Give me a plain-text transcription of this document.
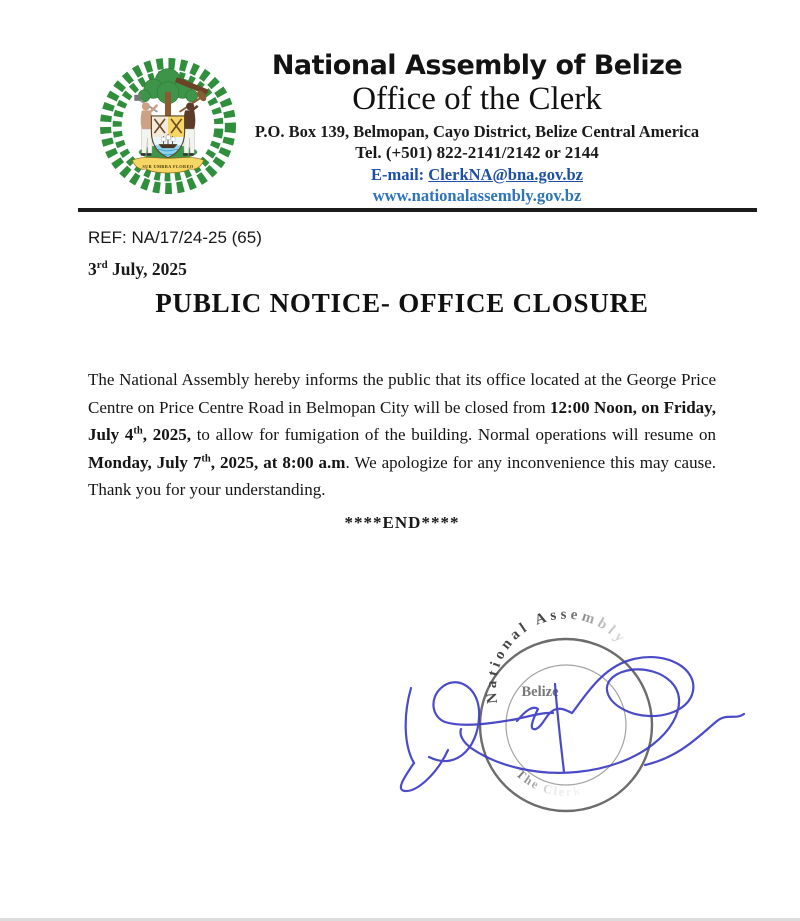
SUB UMBRA FLOREO
National Assembly of Belize
Office of the Clerk
P.O. Box 139, Belmopan, Cayo District, Belize Central America
Tel. (+501) 822-2141/2142 or 2144
E-mail: ClerkNA@bna.gov.bz
www.nationalassembly.gov.bz
REF: NA/17/24-25 (65)
3rd July, 2025
PUBLIC NOTICE- OFFICE CLOSURE

The National Assembly hereby informs the public that its office located at the George Price Centre on Price Centre Road in Belmopan City will be closed from 12:00 Noon, on Friday, July 4th, 2025, to allow for fumigation of the building. Normal operations will resume on Monday, July 7th, 2025, at 8:00 a.m. We apologize for any inconvenience this may cause. Thank you for your understanding.

****END****
National Assembly
Belize
The Clerk
